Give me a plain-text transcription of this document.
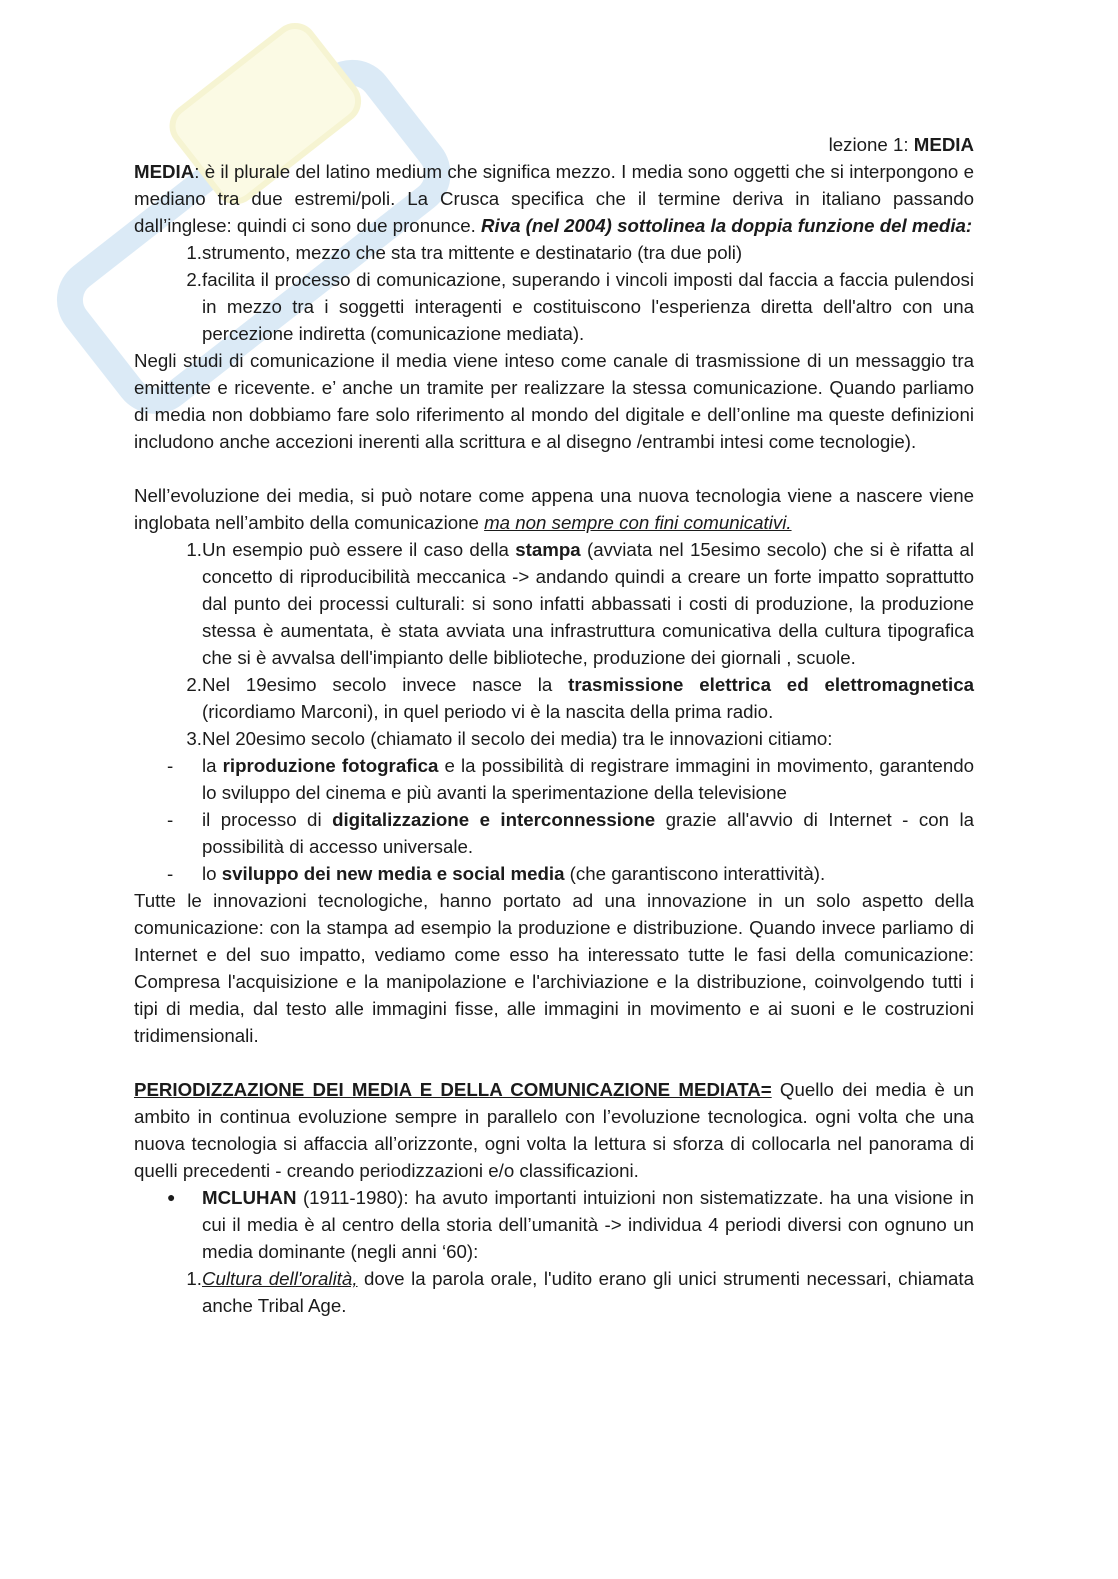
lezione 1: MEDIA

MEDIA: è il plurale del latino medium che significa mezzo. I media sono oggetti che si interpongono e mediano tra due estremi/poli. La Crusca specifica che il termine deriva in italiano passando dall’inglese: quindi ci sono due pronunce. Riva (nel 2004) sottolinea la doppia funzione del media:

1. strumento, mezzo che sta tra mittente e destinatario (tra due poli)
2. facilita il processo di comunicazione, superando i vincoli imposti dal faccia a faccia pulendosi in mezzo tra i soggetti interagenti e costituiscono l'esperienza diretta dell'altro con una percezione indiretta (comunicazione mediata).

Negli studi di comunicazione il media viene inteso come canale di trasmissione di un messaggio tra emittente e ricevente. e’ anche un tramite per realizzare la stessa comunicazione. Quando parliamo di media non dobbiamo fare solo riferimento al mondo del digitale e dell’online ma queste definizioni includono anche accezioni inerenti alla scrittura e al disegno /entrambi intesi come tecnologie).

Nell’evoluzione dei media, si può notare come appena una nuova tecnologia viene a nascere viene inglobata nell’ambito della comunicazione ma non sempre con fini comunicativi.

1. Un esempio può essere il caso della stampa (avviata nel 15esimo secolo) che si è rifatta al concetto di riproducibilità meccanica -> andando quindi a creare un forte impatto soprattutto dal punto dei processi culturali: si sono infatti abbassati i costi di produzione, la produzione stessa è aumentata, è stata avviata una infrastruttura comunicativa della cultura tipografica che si è avvalsa dell'impianto delle biblioteche, produzione dei giornali , scuole.
2. Nel 19esimo secolo invece nasce la trasmissione elettrica ed elettromagnetica (ricordiamo Marconi), in quel periodo vi è la nascita della prima radio.
3. Nel 20esimo secolo (chiamato il secolo dei media) tra le innovazioni citiamo:
-	la riproduzione fotografica e la possibilità di registrare immagini in movimento, garantendo lo sviluppo del cinema e più avanti la sperimentazione della televisione
-	il processo di digitalizzazione e interconnessione grazie all'avvio di Internet - con la possibilità di accesso universale.
-	lo sviluppo dei new media e social media (che garantiscono interattività).

Tutte le innovazioni tecnologiche, hanno portato ad una innovazione in un solo aspetto della comunicazione: con la stampa ad esempio la produzione e distribuzione. Quando invece parliamo di Internet e del suo impatto, vediamo come esso ha interessato tutte le fasi della comunicazione: Compresa l'acquisizione e la manipolazione e l'archiviazione e la distribuzione, coinvolgendo tutti i tipi di media, dal testo alle immagini fisse, alle immagini in movimento e ai suoni e le costruzioni tridimensionali.

PERIODIZZAZIONE DEI MEDIA E DELLA COMUNICAZIONE MEDIATA= Quello dei media è un ambito in continua evoluzione sempre in parallelo con l’evoluzione tecnologica. ogni volta che una nuova tecnologia si affaccia all’orizzonte, ogni volta la lettura si sforza di collocarla nel panorama di quelli precedenti - creando periodizzazioni e/o classificazioni.

●	MCLUHAN (1911-1980): ha avuto importanti intuizioni non sistematizzate. ha una visione in cui il media è al centro della storia dell’umanità -> individua 4 periodi diversi con ognuno un media dominante (negli anni ‘60):
1. Cultura dell'oralità, dove la parola orale, l'udito erano gli unici strumenti necessari, chiamata anche Tribal Age.
